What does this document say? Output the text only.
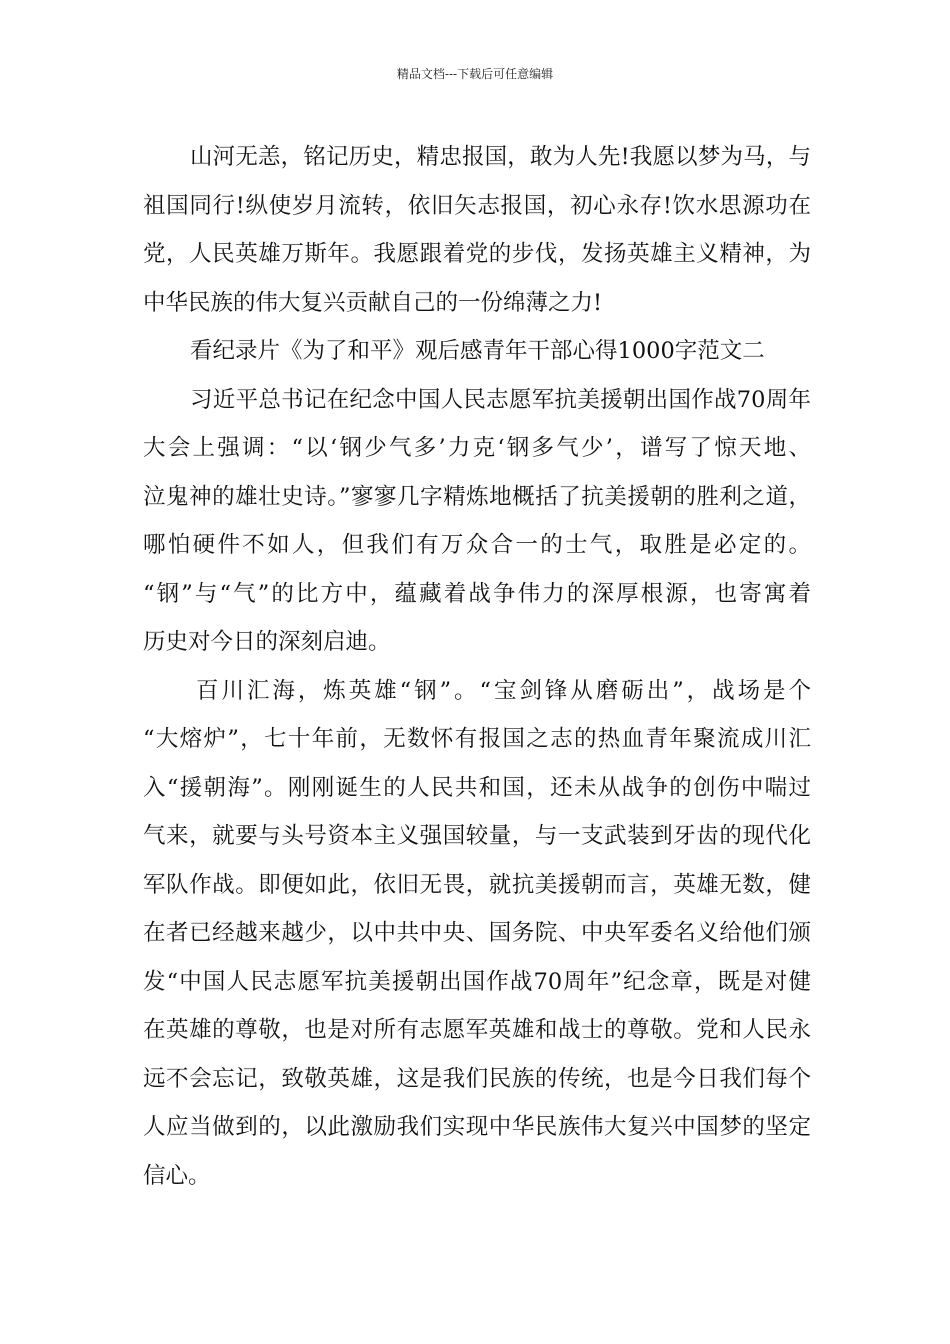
精品文档---下载后可任意编辑
山河无恙，铭记历史，精忠报国，敢为人先!我愿以梦为马，与
祖国同行!纵使岁月流转，依旧矢志报国，初心永存!饮水思源功在
党，人民英雄万斯年。我愿跟着党的步伐，发扬英雄主义精神，为
中华民族的伟大复兴贡献自己的一份绵薄之力!
看纪录片《为了和平》观后感青年干部心得1000字范文二
习近平总书记在纪念中国人民志愿军抗美援朝出国作战70周年
大会上强调：“以‘钢少气多’力克‘钢多气少’，谱写了惊天地、
泣鬼神的雄壮史诗。”寥寥几字精炼地概括了抗美援朝的胜利之道，
哪怕硬件不如人，但我们有万众合一的士气，取胜是必定的。
“钢”与“气”的比方中，蕴藏着战争伟力的深厚根源，也寄寓着
历史对今日的深刻启迪。
百川汇海，炼英雄“钢”。“宝剑锋从磨砺出”，战场是个
“大熔炉”，七十年前，无数怀有报国之志的热血青年聚流成川汇
入“援朝海”。刚刚诞生的人民共和国，还未从战争的创伤中喘过
气来，就要与头号资本主义强国较量，与一支武装到牙齿的现代化
军队作战。即便如此，依旧无畏，就抗美援朝而言，英雄无数，健
在者已经越来越少，以中共中央、国务院、中央军委名义给他们颁
发“中国人民志愿军抗美援朝出国作战70周年”纪念章，既是对健
在英雄的尊敬，也是对所有志愿军英雄和战士的尊敬。党和人民永
远不会忘记，致敬英雄，这是我们民族的传统，也是今日我们每个
人应当做到的，以此激励我们实现中华民族伟大复兴中国梦的坚定
信心。
